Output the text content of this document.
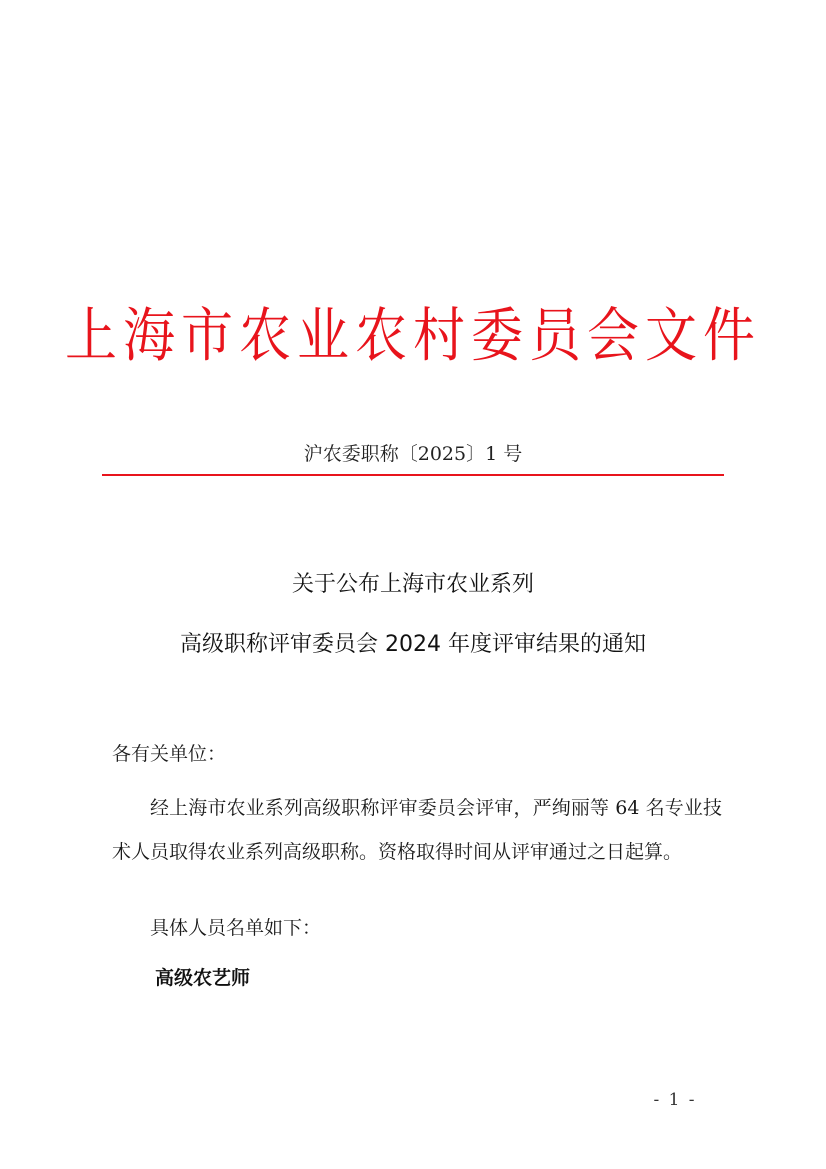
上海市农业农村委员会文件
沪农委职称〔2025〕1 号
关于公布上海市农业系列
高级职称评审委员会 2024 年度评审结果的通知
各有关单位：
经上海市农业系列高级职称评审委员会评审，严绚丽等 64 名专业技术人员取得农业系列高级职称。资格取得时间从评审通过之日起算。
具体人员名单如下：
高级农艺师
- 1 -
